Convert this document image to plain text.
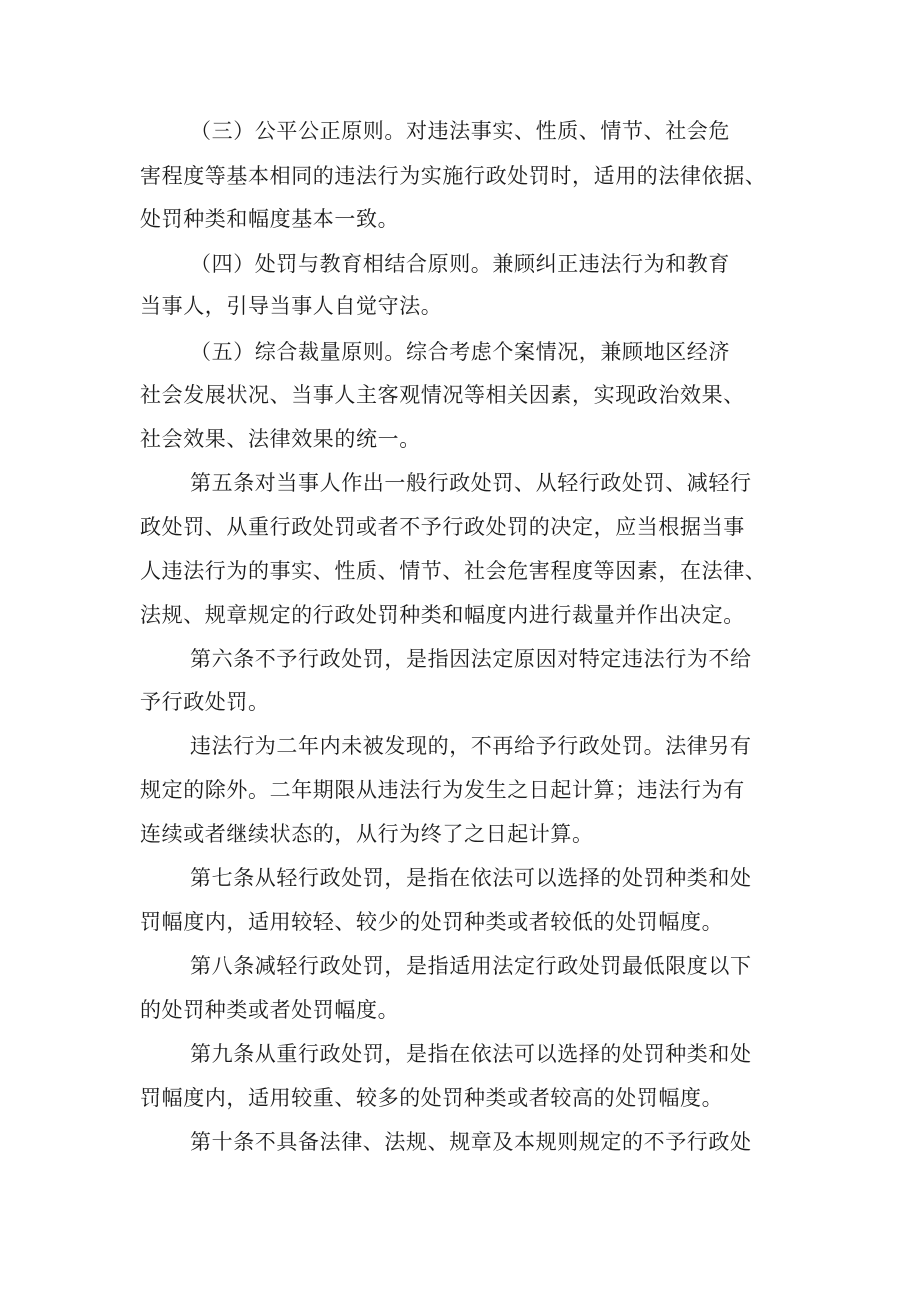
（三）公平公正原则。对违法事实、性质、情节、社会危
害程度等基本相同的违法行为实施行政处罚时，适用的法律依据、
处罚种类和幅度基本一致。
（四）处罚与教育相结合原则。兼顾纠正违法行为和教育
当事人，引导当事人自觉守法。
（五）综合裁量原则。综合考虑个案情况，兼顾地区经济
社会发展状况、当事人主客观情况等相关因素，实现政治效果、
社会效果、法律效果的统一。
第五条对当事人作出一般行政处罚、从轻行政处罚、减轻行
政处罚、从重行政处罚或者不予行政处罚的决定，应当根据当事
人违法行为的事实、性质、情节、社会危害程度等因素，在法律、
法规、规章规定的行政处罚种类和幅度内进行裁量并作出决定。
第六条不予行政处罚，是指因法定原因对特定违法行为不给
予行政处罚。
违法行为二年内未被发现的，不再给予行政处罚。法律另有
规定的除外。二年期限从违法行为发生之日起计算；违法行为有
连续或者继续状态的，从行为终了之日起计算。
第七条从轻行政处罚，是指在依法可以选择的处罚种类和处
罚幅度内，适用较轻、较少的处罚种类或者较低的处罚幅度。
第八条减轻行政处罚，是指适用法定行政处罚最低限度以下
的处罚种类或者处罚幅度。
第九条从重行政处罚，是指在依法可以选择的处罚种类和处
罚幅度内，适用较重、较多的处罚种类或者较高的处罚幅度。
第十条不具备法律、法规、规章及本规则规定的不予行政处
